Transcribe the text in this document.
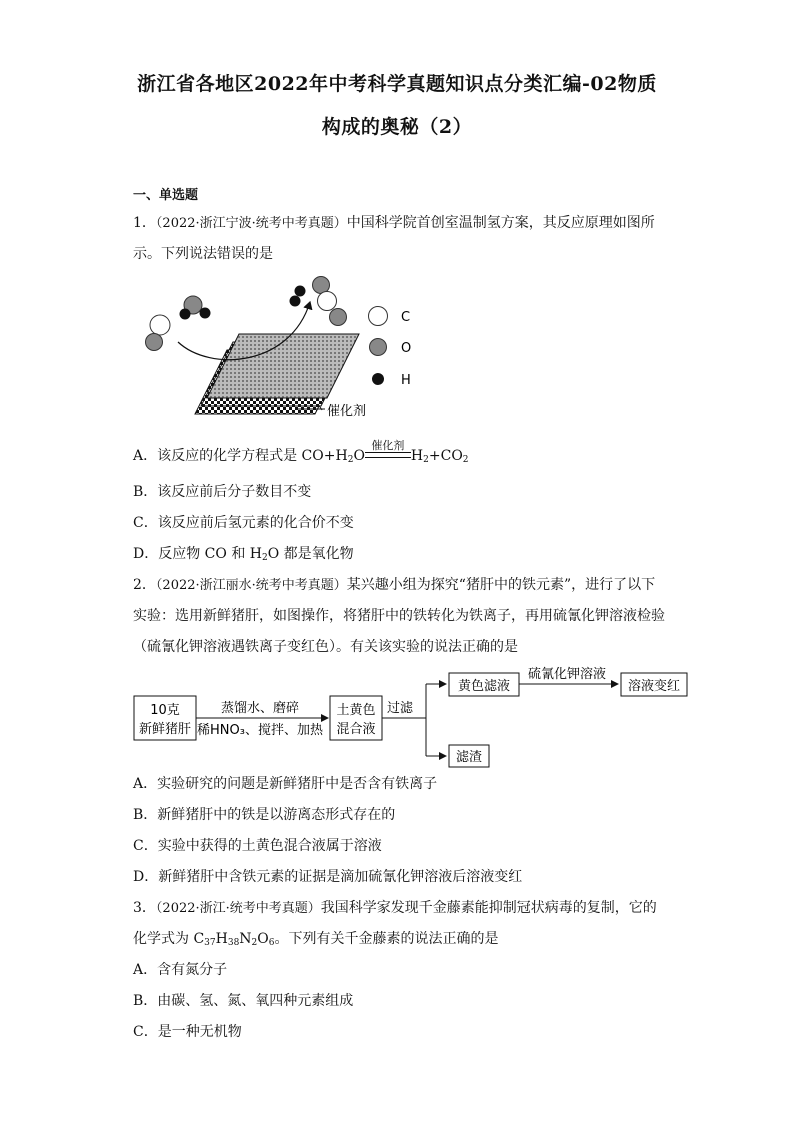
浙江省各地区2022年中考科学真题知识点分类汇编-02物质
构成的奥秘（2）
一、单选题
1．（2022·浙江宁波·统考中考真题）中国科学院首创室温制氢方案，其反应原理如图所
示。下列说法错误的是
C
O
H
催化剂
A．该反应的化学方程式是 $CO+H_2O$
催化剂
$H_2+CO_2$
B．该反应前后分子数目不变
C．该反应前后氢元素的化合价不变
D．反应物 CO 和 $H_2O$ 都是氧化物
2．（2022·浙江丽水·统考中考真题）某兴趣小组为探究“猪肝中的铁元素”，进行了以下
实验：选用新鲜猪肝，如图操作，将猪肝中的铁转化为铁离子，再用硫氰化钾溶液检验
（硫氰化钾溶液遇铁离子变红色）。有关该实验的说法正确的是
10克
新鲜猪肝
蒸馏水、磨碎
稀HNO₃、搅拌、加热
土黄色
混合液
过滤
黄色滤液
硫氰化钾溶液
溶液变红
滤渣
A．实验研究的问题是新鲜猪肝中是否含有铁离子
B．新鲜猪肝中的铁是以游离态形式存在的
C．实验中获得的土黄色混合液属于溶液
D．新鲜猪肝中含铁元素的证据是滴加硫氰化钾溶液后溶液变红
3．（2022·浙江·统考中考真题）我国科学家发现千金藤素能抑制冠状病毒的复制，它的
化学式为 $C_{37}H_{38}N_2O_6$。下列有关千金藤素的说法正确的是
A．含有氮分子
B．由碳、氢、氮、氧四种元素组成
C．是一种无机物
